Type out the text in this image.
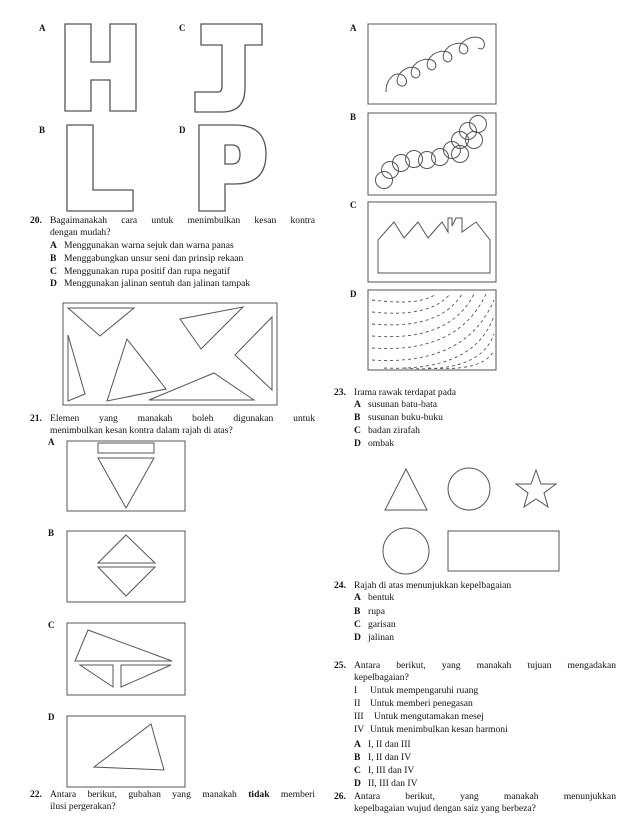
A	C
B	D
20. Bagaimanakah cara untuk menimbulkan kesan kontra
dengan mudah?
A Menggunakan warna sejuk dan warna panas
B Menggabungkan unsur seni dan prinsip rekaan
C Menggunakan rupa positif dan rupa negatif
D Menggunakan jalinan sentuh dan jalinan tampak
21. Elemen yang manakah boleh digunakan untuk
menimbulkan kesan kontra dalam rajah di atas?
A
B
C
D
22. Antara berikut, gubahan yang manakah tidak memberi
ilusi pergerakan?
A
B
C
D
23. Irama rawak terdapat pada
A susunan batu-bata
B susunan buku-buku
C badan zirafah
D ombak
24. Rajah di atas menunjukkan kepelbagaian
A bentuk
B rupa
C garisan
D jalinan
25. Antara berikut, yang manakah tujuan mengadakan
kepelbagaian?
I Untuk mempengaruhi ruang
II Untuk memberi penegasan
III Untuk mengutamakan mesej
IV Untuk menimbulkan kesan harmoni
A I, II dan III
B I, II dan IV
C I, III dan IV
D II, III dan IV
26. Antara berikut, yang manakah menunjukkan
kepelbagaian wujud dengan saiz yang berbeza?
